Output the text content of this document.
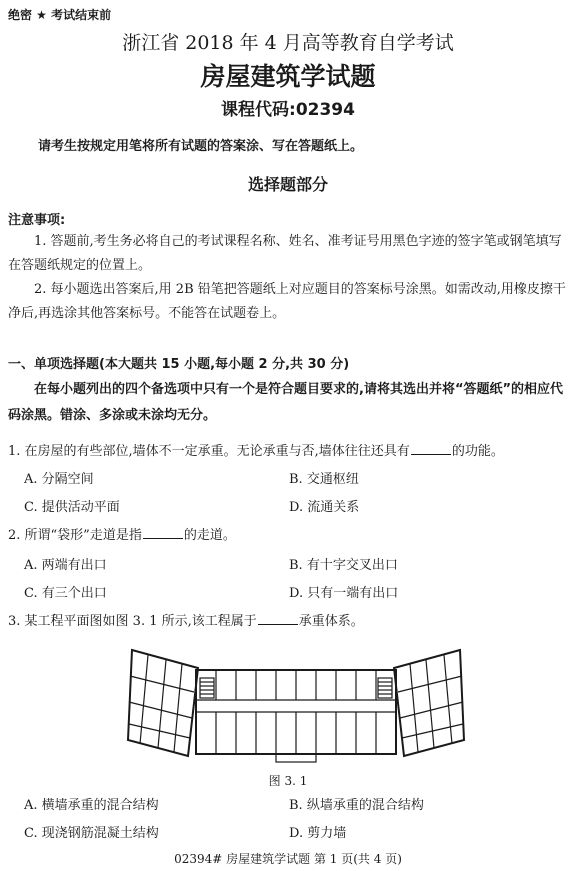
绝密 ★ 考试结束前
浙江省 2018 年 4 月高等教育自学考试
房屋建筑学试题
课程代码:02394
请考生按规定用笔将所有试题的答案涂、写在答题纸上。
选择题部分
注意事项:
1. 答题前,考生务必将自己的考试课程名称、姓名、准考证号用黑色字迹的签字笔或钢笔填写在答题纸规定的位置上。
2. 每小题选出答案后,用 2B 铅笔把答题纸上对应题目的答案标号涂黑。如需改动,用橡皮擦干净后,再选涂其他答案标号。不能答在试题卷上。
一、单项选择题(本大题共 15 小题,每小题 2 分,共 30 分)
在每小题列出的四个备选项中只有一个是符合题目要求的,请将其选出并将“答题纸”的相应代码涂黑。错涂、多涂或未涂均无分。
1. 在房屋的有些部位,墙体不一定承重。无论承重与否,墙体往往还具有	的功能。
A. 分隔空间	B. 交通枢纽
C. 提供活动平面	D. 流通关系
2. 所谓“袋形”走道是指	的走道。
A. 两端有出口	B. 有十字交叉出口
C. 有三个出口	D. 只有一端有出口
3. 某工程平面图如图 3. 1 所示,该工程属于	承重体系。
图 3. 1
A. 横墙承重的混合结构	B. 纵墙承重的混合结构
C. 现浇钢筋混凝土结构	D. 剪力墙
02394# 房屋建筑学试题 第 1 页(共 4 页)
